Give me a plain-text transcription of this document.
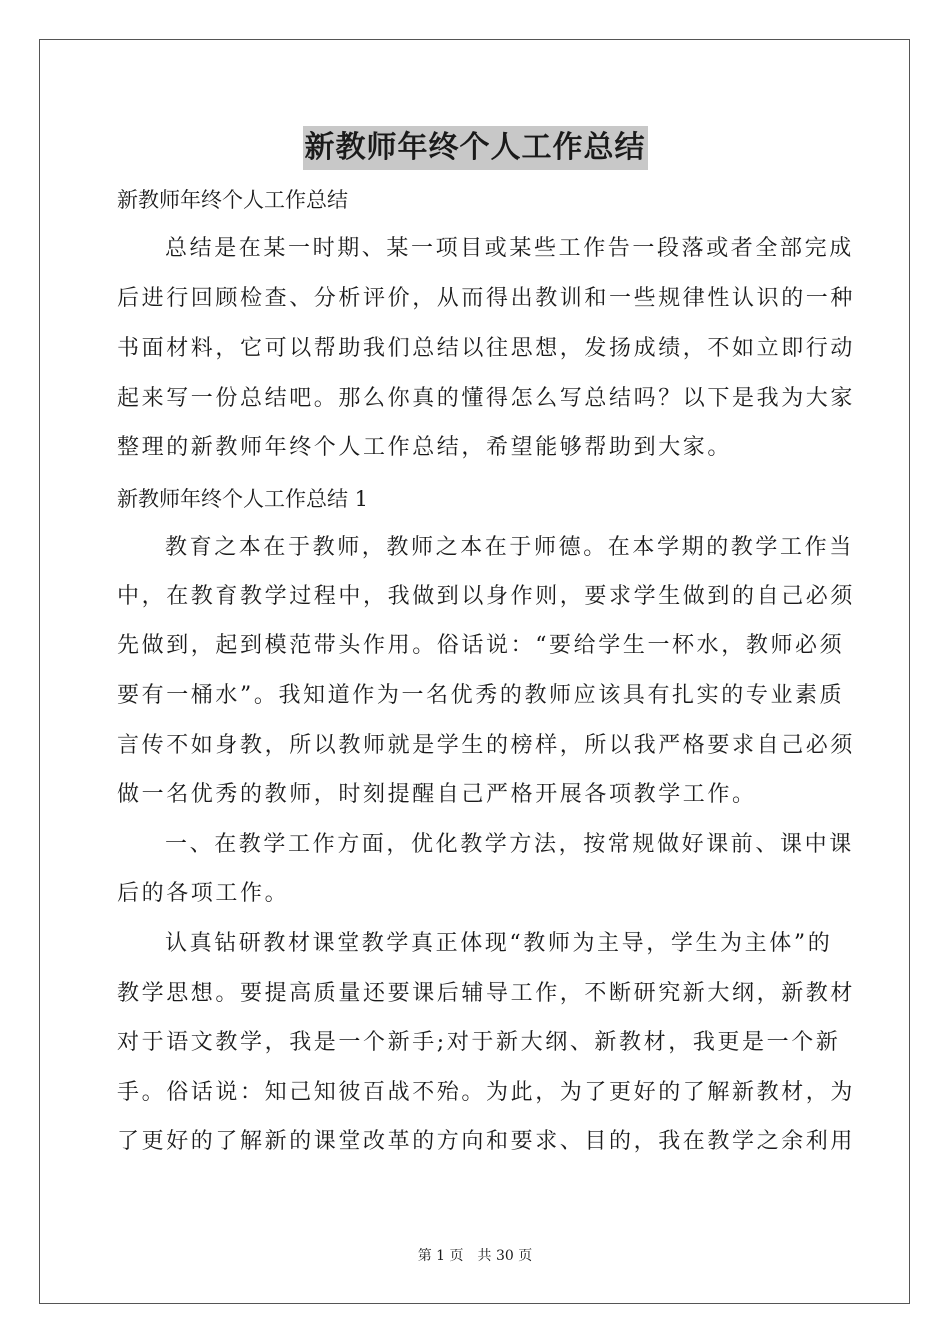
新教师年终个人工作总结
新教师年终个人工作总结
总结是在某一时期、某一项目或某些工作告一段落或者全部完成
后进行回顾检查、分析评价，从而得出教训和一些规律性认识的一种
书面材料，它可以帮助我们总结以往思想，发扬成绩，不如立即行动
起来写一份总结吧。那么你真的懂得怎么写总结吗？以下是我为大家
整理的新教师年终个人工作总结，希望能够帮助到大家。
新教师年终个人工作总结 1
教育之本在于教师，教师之本在于师德。在本学期的教学工作当
中，在教育教学过程中，我做到以身作则，要求学生做到的自己必须
先做到，起到模范带头作用。俗话说：“要给学生一杯水，教师必须
要有一桶水”。我知道作为一名优秀的教师应该具有扎实的专业素质
言传不如身教，所以教师就是学生的榜样，所以我严格要求自己必须
做一名优秀的教师，时刻提醒自己严格开展各项教学工作。
一、在教学工作方面，优化教学方法，按常规做好课前、课中课
后的各项工作。
认真钻研教材课堂教学真正体现“教师为主导，学生为主体”的
教学思想。要提高质量还要课后辅导工作，不断研究新大纲，新教材
对于语文教学，我是一个新手;对于新大纲、新教材，我更是一个新
手。俗话说：知己知彼百战不殆。为此，为了更好的了解新教材，为
了更好的了解新的课堂改革的方向和要求、目的，我在教学之余利用
第 1 页　共 30 页
